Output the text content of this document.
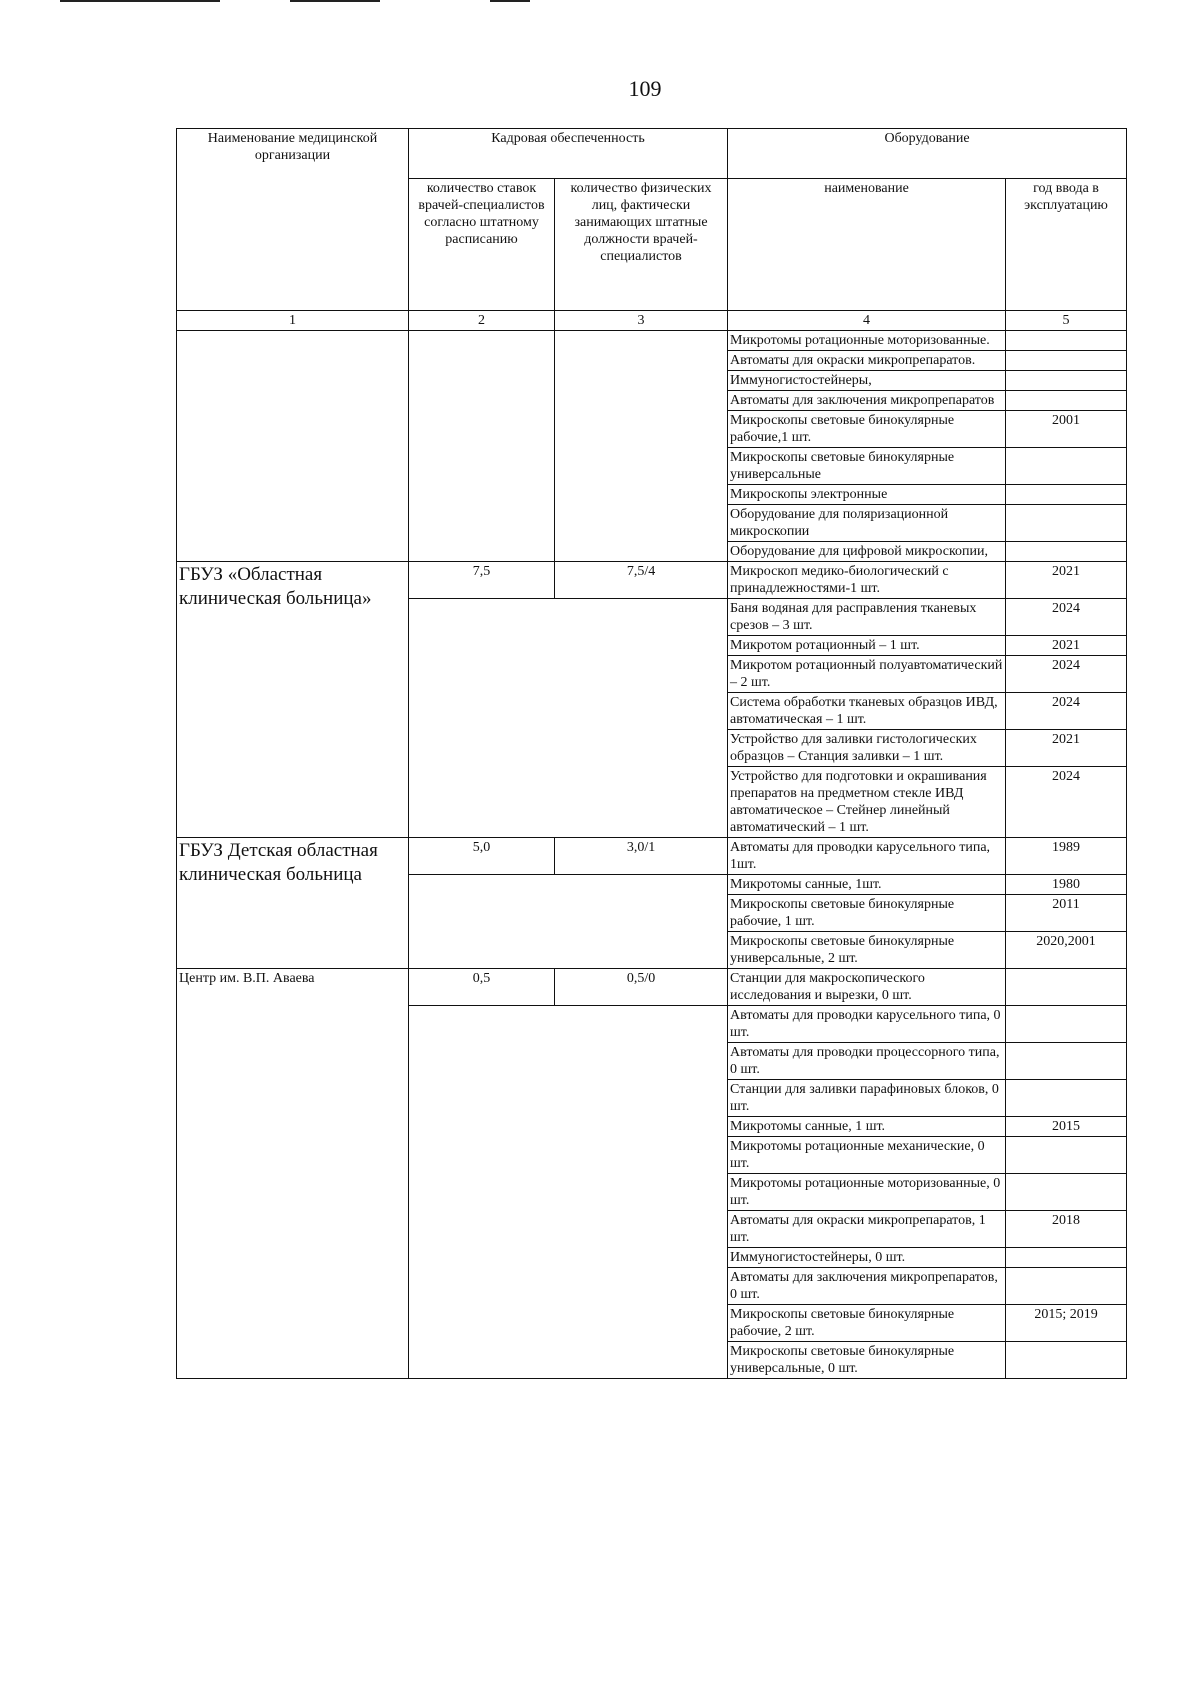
109
Наименование медицинской организации	Кадровая обеспеченность		Оборудование	
	количество ставок врачей-специалистов согласно штатному расписанию	количество физических лиц, фактически занимающих штатные должности врачей-специалистов	наименование	год ввода в эксплуатацию
1	2	3	4	5
			Микротомы ротационные моторизованные.	
			Автоматы для окраски микропрепаратов.	
			Иммуногистостейнеры,	
			Автоматы для заключения микропрепаратов	
			Микроскопы световые бинокулярные рабочие,1 шт.	2001
			Микроскопы световые бинокулярные универсальные	
			Микроскопы электронные	
			Оборудование для поляризационной микроскопии	
			Оборудование для цифровой микроскопии,	
ГБУЗ «Областная клиническая больница»	7,5	7,5/4	Микроскоп медико-биологический с принадлежностями-1 шт.	2021
			Баня водяная для расправления тканевых срезов – 3 шт.	2024
			Микротом ротационный – 1 шт.	2021
			Микротом ротационный полуавтоматический – 2 шт.	2024
			Система обработки тканевых образцов ИВД, автоматическая – 1 шт.	2024
			Устройство для заливки гистологических образцов – Станция заливки – 1 шт.	2021
			Устройство для подготовки и окрашивания препаратов на предметном стекле ИВД автоматическое – Стейнер линейный автоматический – 1 шт.	2024
ГБУЗ Детская областная клиническая больница	5,0	3,0/1	Автоматы для проводки карусельного типа, 1шт.	1989
			Микротомы санные, 1шт.	1980
			Микроскопы световые бинокулярные рабочие, 1 шт.	2011
			Микроскопы световые бинокулярные универсальные, 2 шт.	2020,2001
Центр им. В.П. Аваева	0,5	0,5/0	Станции для макроскопического исследования и вырезки, 0 шт.	
			Автоматы для проводки карусельного типа, 0 шт.	
			Автоматы для проводки процессорного типа, 0 шт.	
			Станции для заливки парафиновых блоков, 0 шт.	
			Микротомы санные, 1 шт.	2015
			Микротомы ротационные механические, 0 шт.	
			Микротомы ротационные моторизованные, 0 шт.	
			Автоматы для окраски микропрепаратов, 1 шт.	2018
			Иммуногистостейнеры, 0 шт.	
			Автоматы для заключения микропрепаратов, 0 шт.	
			Микроскопы световые бинокулярные рабочие, 2 шт.	2015; 2019
			Микроскопы световые бинокулярные универсальные, 0 шт.	
